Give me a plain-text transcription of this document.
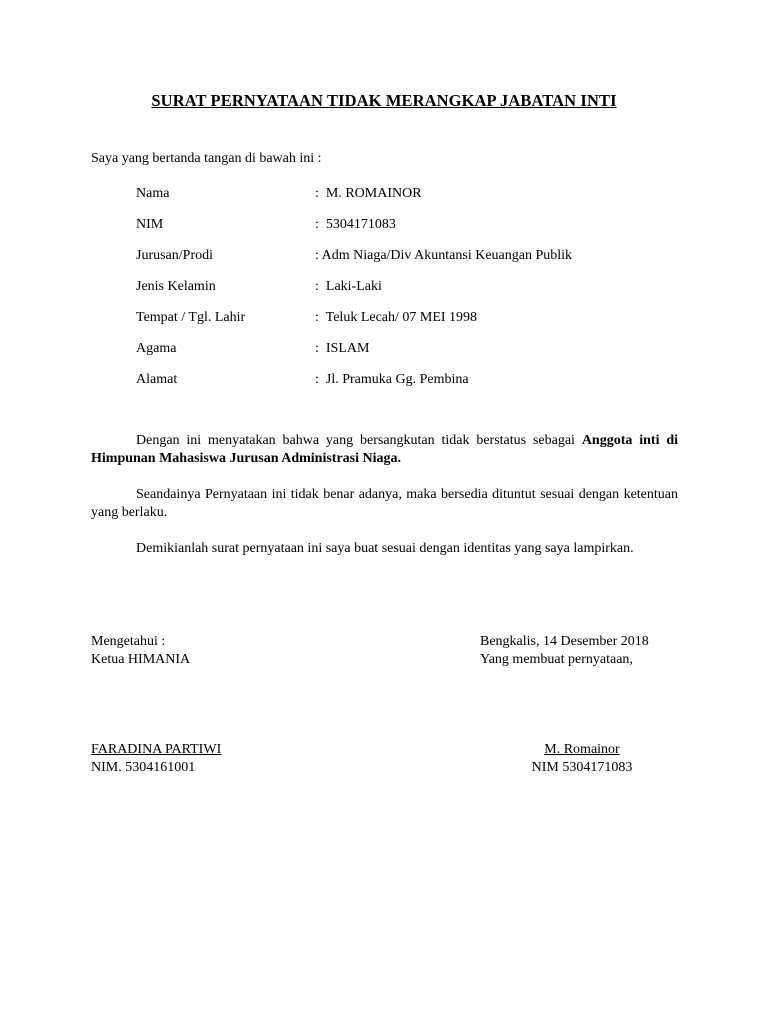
SURAT PERNYATAAN TIDAK MERANGKAP JABATAN INTI
Saya yang bertanda tangan di bawah ini :
Nama	:  M. ROMAINOR
NIM	:  5304171083
Jurusan/Prodi	: Adm Niaga/Div Akuntansi Keuangan Publik
Jenis Kelamin	:  Laki-Laki
Tempat / Tgl. Lahir	:  Teluk Lecah/ 07 MEI 1998
Agama	:  ISLAM
Alamat	:  Jl. Pramuka Gg. Pembina
Dengan ini menyatakan bahwa yang bersangkutan tidak berstatus sebagai Anggota inti di Himpunan Mahasiswa Jurusan Administrasi Niaga.
Seandainya Pernyataan ini tidak benar adanya, maka bersedia dituntut sesuai dengan ketentuan yang berlaku.
Demikianlah surat pernyataan ini saya buat sesuai dengan identitas yang saya lampirkan.
Mengetahui :
Ketua HIMANIA
Bengkalis, 14 Desember 2018
Yang membuat pernyataan,
FARADINA PARTIWI
NIM. 5304161001
M. Romainor
NIM 5304171083
